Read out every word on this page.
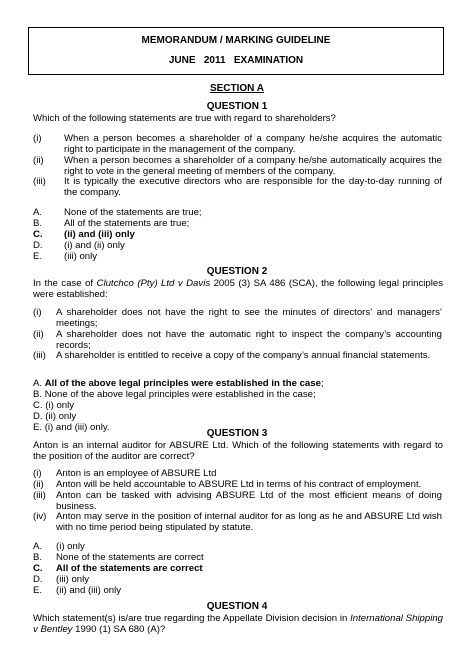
MEMORANDUM / MARKING GUIDELINE
JUNE   2011   EXAMINATION
SECTION A
QUESTION 1
Which of the following statements are true with regard to shareholders?
(i) When a person becomes a shareholder of a company he/she acquires the automatic right to participate in the management of the company.
(ii) When a person becomes a shareholder of a company he/she automatically acquires the right to vote in the general meeting of members of the company.
(iii) It is typically the executive directors who are responsible for the day-to-day running of the company.
A. None of the statements are true;
B. All of the statements are true;
C. (ii) and (iii) only
D. (i) and (ii) only
E. (iii) only
QUESTION 2
In the case of Clutchco (Pty) Ltd v Davis 2005 (3) SA 486 (SCA), the following legal principles were established:
(i) A shareholder does not have the right to see the minutes of directors’ and managers’ meetings;
(ii) A shareholder does not have the automatic right to inspect the company’s accounting records;
(iii) A shareholder is entitled to receive a copy of the company’s annual financial statements.
A. All of the above legal principles were established in the case;
B. None of the above legal principles were established in the case;
C. (i) only
D. (ii) only
E. (i) and (iii) only.
QUESTION 3
Anton is an internal auditor for ABSURE Ltd. Which of the following statements with regard to the position of the auditor are correct?
(i) Anton is an employee of ABSURE Ltd
(ii) Anton will be held accountable to ABSURE Ltd in terms of his contract of employment.
(iii) Anton can be tasked with advising ABSURE Ltd of the most efficient means of doing business.
(iv) Anton may serve in the position of internal auditor for as long as he and ABSURE Ltd wish with no time period being stipulated by statute.
A. (i) only
B. None of the statements are correct
C. All of the statements are correct
D. (iii) only
E. (ii) and (iii) only
QUESTION 4
Which statement(s) is/are true regarding the Appellate Division decision in International Shipping v Bentley 1990 (1) SA 680 (A)?
